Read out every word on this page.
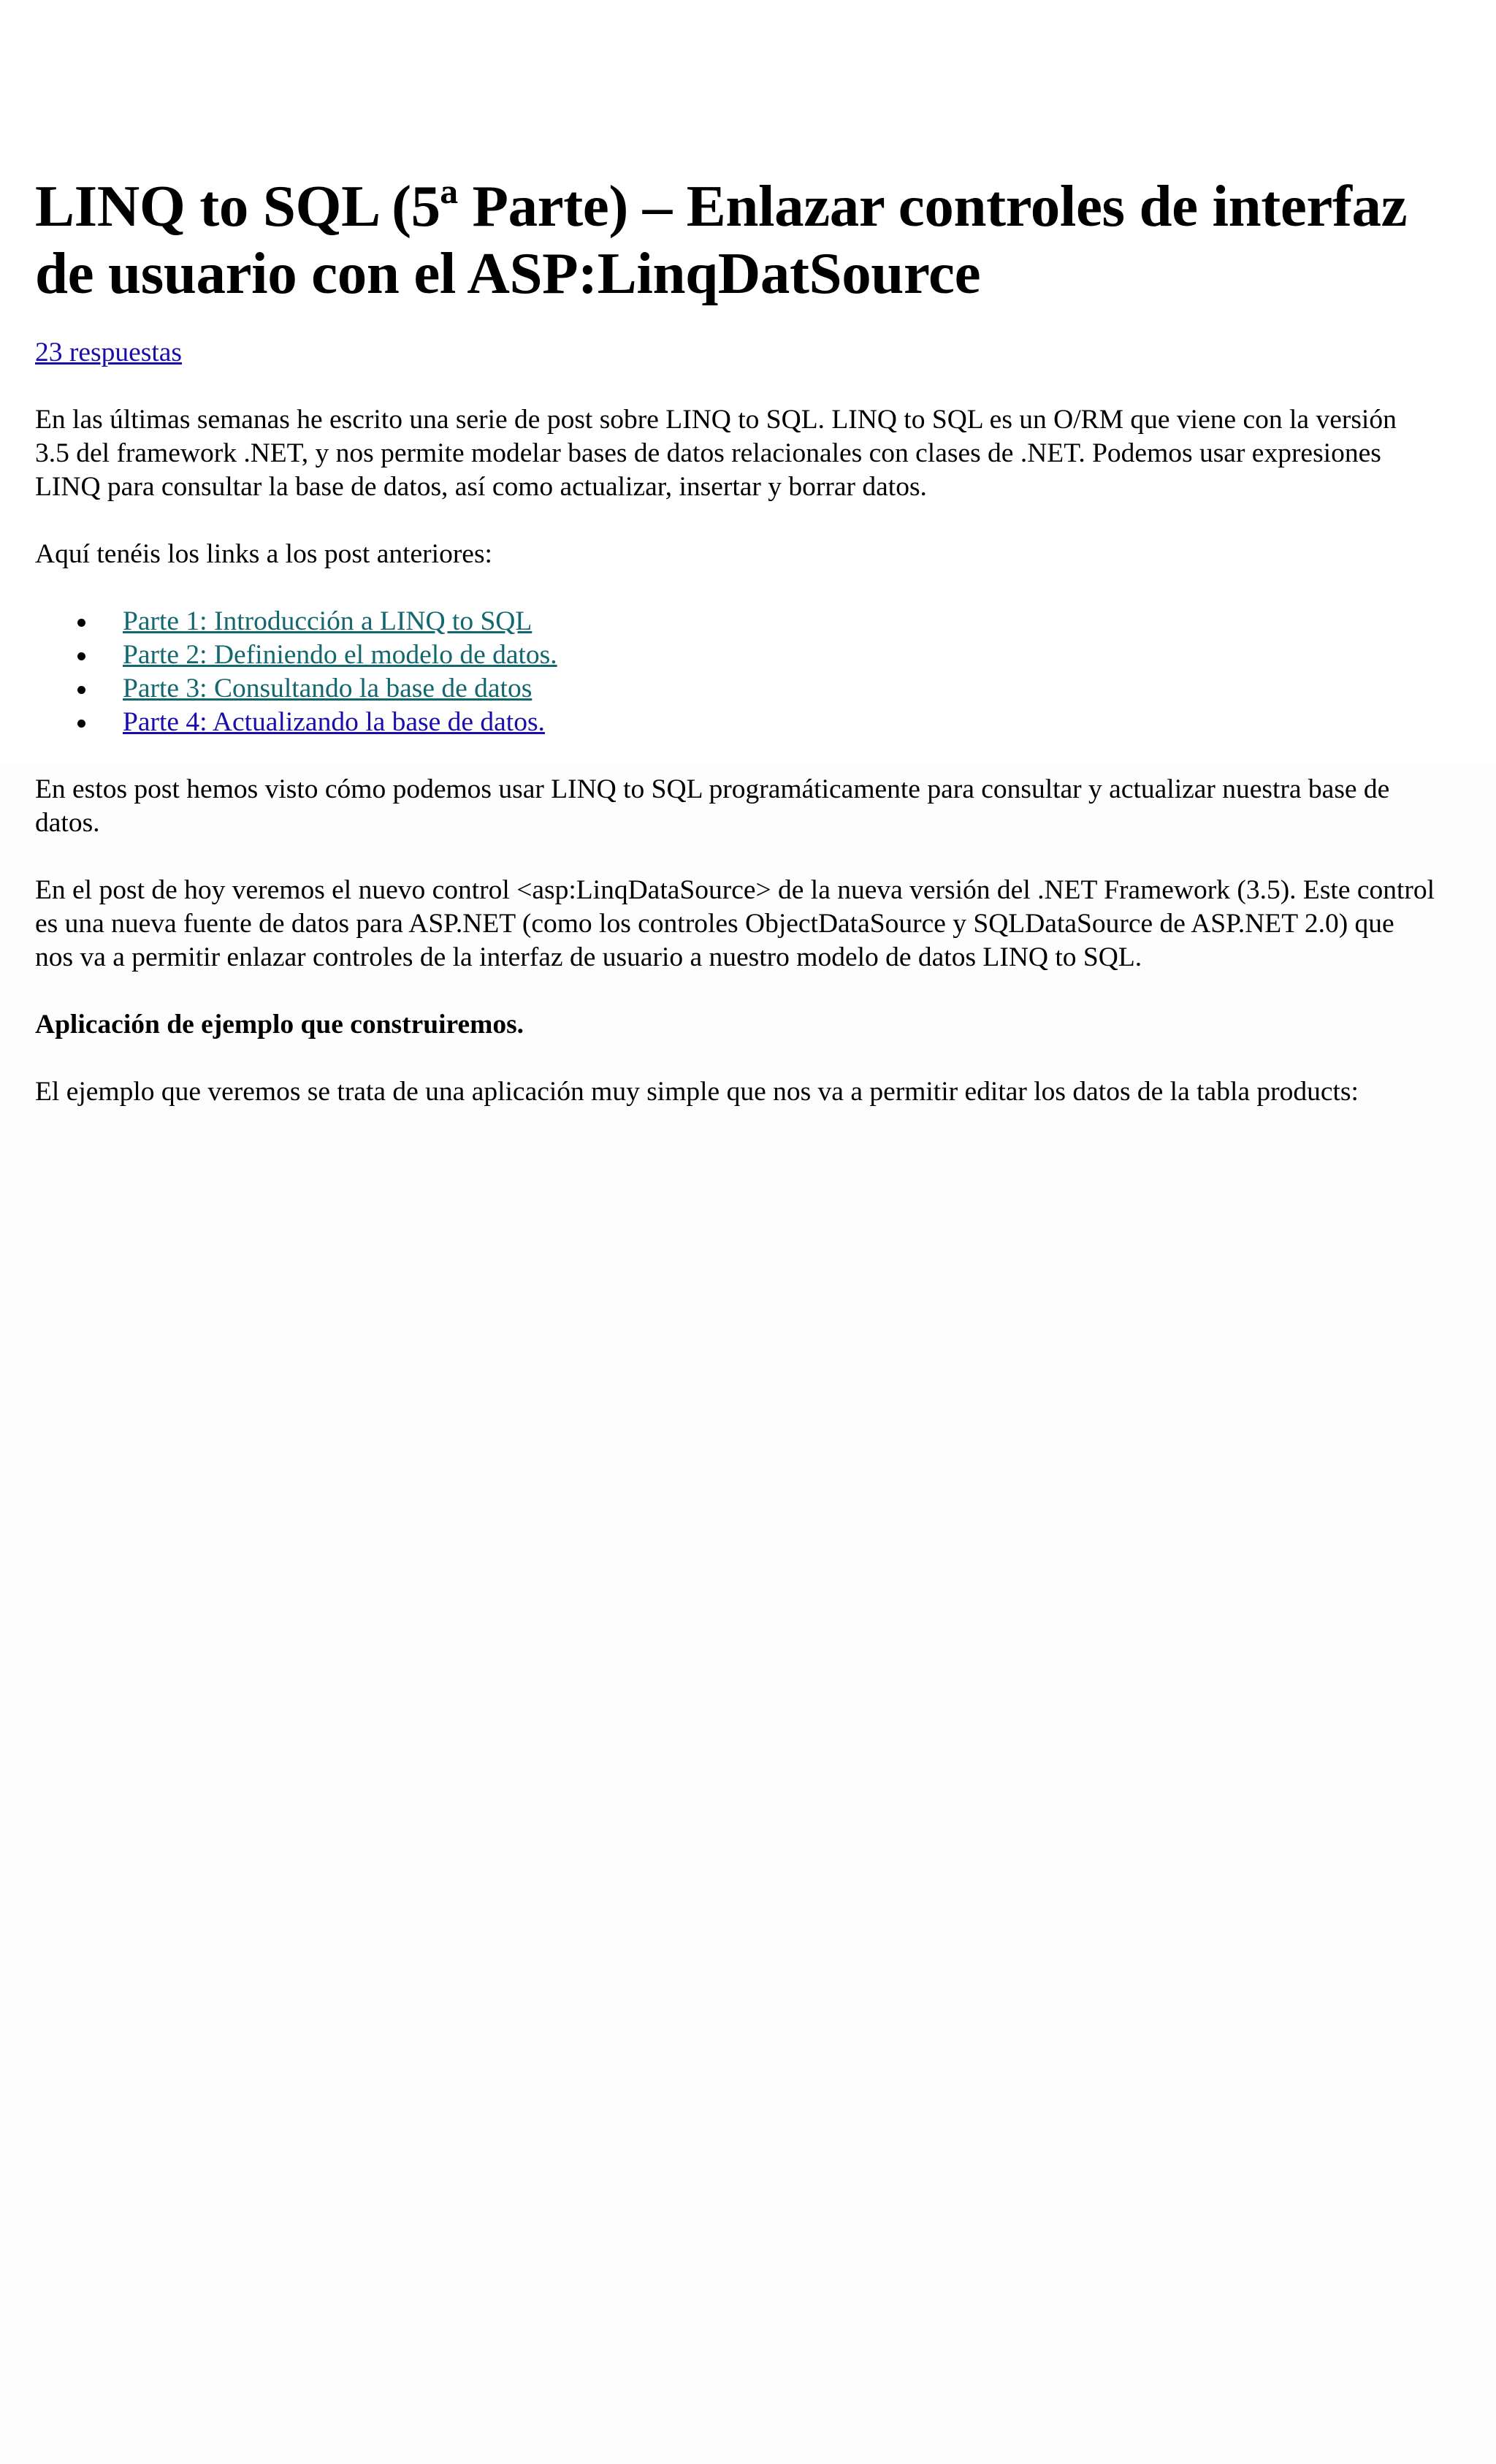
LINQ to SQL (5ª Parte) – Enlazar controles de interfaz de usuario con el ASP:LinqDatSource
23 respuestas

En las últimas semanas he escrito una serie de post sobre LINQ to SQL. LINQ to SQL es un O/RM que viene con la versión 3.5 del framework .NET, y nos permite modelar bases de datos relacionales con clases de .NET. Podemos usar expresiones LINQ para consultar la base de datos, así como actualizar, insertar y borrar datos.

Aquí tenéis los links a los post anteriores:

Parte 1: Introducción a LINQ to SQL
Parte 2: Definiendo el modelo de datos.
Parte 3: Consultando la base de datos
Parte 4: Actualizando la base de datos.

En estos post hemos visto cómo podemos usar LINQ to SQL programáticamente para consultar y actualizar nuestra base de datos.

En el post de hoy veremos el nuevo control <asp:LinqDataSource> de la nueva versión del .NET Framework (3.5). Este control es una nueva fuente de datos para ASP.NET (como los controles ObjectDataSource y SQLDataSource de ASP.NET 2.0) que nos va a permitir enlazar controles de la interfaz de usuario a nuestro modelo de datos LINQ to SQL.

Aplicación de ejemplo que construiremos.

El ejemplo que veremos se trata de una aplicación muy simple que nos va a permitir editar los datos de la tabla products:
